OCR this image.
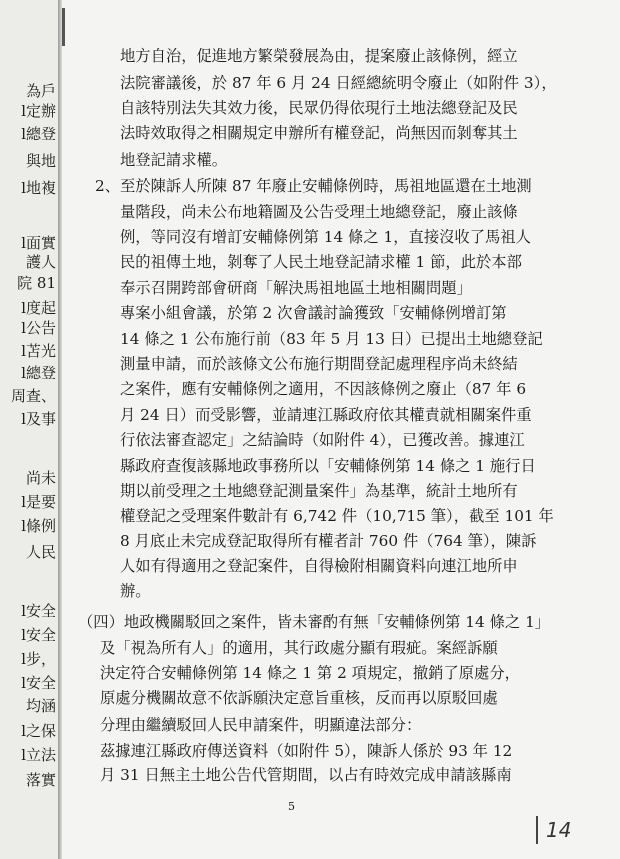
為戶
l定辦
l總登
與地
l地複
l面實
護人
院 81
l度起
l公告
l苫光
l總登
周查、
l及事
尚未
l是要
l條例
人民
l安全
l安全
l步，
l安全
均涵
l之保
l立法
落實
地方自治，促進地方繁榮發展為由，提案廢止該條例，經立
法院審議後，於 87 年 6 月 24 日經總統明令廢止（如附件 3），
自該特別法失其效力後，民眾仍得依現行土地法總登記及民
法時效取得之相關規定申辦所有權登記，尚無因而剝奪其土
地登記請求權。
2、至於陳訴人所陳 87 年廢止安輔條例時，馬祖地區還在土地測
量階段，尚未公布地籍圖及公告受理土地總登記，廢止該條
例，等同沒有增訂安輔條例第 14 條之 1，直接沒收了馬祖人
民的祖傳土地，剝奪了人民土地登記請求權 1 節，此於本部
奉示召開跨部會研商「解決馬祖地區土地相關問題」
專案小組會議，於第 2 次會議討論獲致「安輔條例增訂第
14 條之 1 公布施行前（83 年 5 月 13 日）已提出土地總登記
測量申請，而於該條文公布施行期間登記處理程序尚未終結
之案件，應有安輔條例之適用，不因該條例之廢止（87 年 6
月 24 日）而受影響，並請連江縣政府依其權責就相關案件重
行依法審查認定」之結論時（如附件 4），已獲改善。據連江
縣政府查復該縣地政事務所以「安輔條例第 14 條之 1 施行日
期以前受理之土地總登記測量案件」為基準，統計土地所有
權登記之受理案件數計有 6,742 件（10,715 筆），截至 101 年
8 月底止未完成登記取得所有權者計 760 件（764 筆），陳訴
人如有得適用之登記案件，自得檢附相關資料向連江地所申
辦。
（四）地政機關駁回之案件，皆未審酌有無「安輔條例第 14 條之 1」
及「視為所有人」的適用，其行政處分顯有瑕疵。案經訴願
決定符合安輔條例第 14 條之 1 第 2 項規定，撤銷了原處分，
原處分機關故意不依訴願決定意旨重核，反而再以原駁回處
分理由繼續駁回人民申請案件，明顯違法部分：
茲據連江縣政府傳送資料（如附件 5），陳訴人係於 93 年 12
月 31 日無主土地公告代管期間，以占有時效完成申請該縣南
5
14
